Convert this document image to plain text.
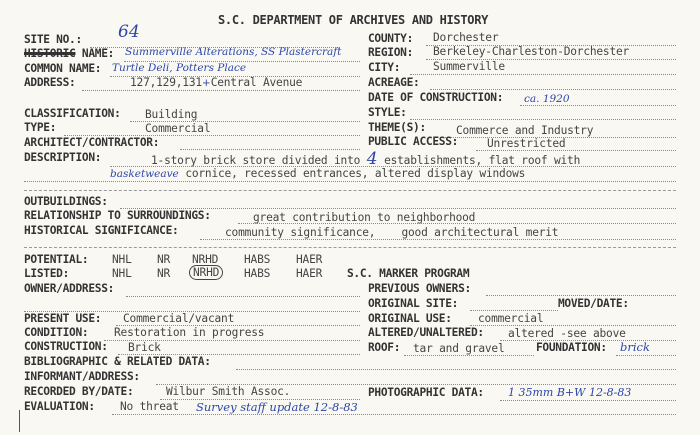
S.C. DEPARTMENT OF ARCHIVES AND HISTORY
SITE NO.: 64
HISTORIC NAME: Summerville Alterations, SS Plastercraft
COMMON NAME: Turtle Deli, Potters Place
ADDRESS:	127,129,131+Central Avenue
COUNTY: Dorchester
REGION: Berkeley-Charleston-Dorchester
CITY:	Summerville
ACREAGE:
DATE OF CONSTRUCTION: ca. 1920
STYLE:
THEME(S):	Commerce and Industry
PUBLIC ACCESS:	Unrestricted
CLASSIFICATION: Building
TYPE:	Commercial
ARCHITECT/CONTRACTOR:
DESCRIPTION:	1-story brick store divided into 4 establishments, flat roof with
basketweave cornice, recessed entrances, altered display windows
OUTBUILDINGS:
RELATIONSHIP TO SURROUNDINGS:	great contribution to neighborhood
HISTORICAL SIGNIFICANCE:	community significance, good architectural merit
POTENTIAL: NHL NR NRHD HABS HAER
LISTED:	NHL NR	NRHD	HABS HAER S.C. MARKER PROGRAM
OWNER/ADDRESS:	PREVIOUS OWNERS:
ORIGINAL SITE:	MOVED/DATE:
PRESENT USE: Commercial/vacant	ORIGINAL USE: commercial
CONDITION: Restoration in progress	ALTERED/UNALTERED: altered -see above
CONSTRUCTION: Brick	ROOF: tar and gravel	FOUNDATION: brick
BIBLIOGRAPHIC & RELATED DATA:
INFORMANT/ADDRESS:
RECORDED BY/DATE:	Wilbur Smith Assoc.	PHOTOGRAPHIC DATA: 1 35mm B+W 12-8-83
EVALUATION: No threat Survey staff update 12-8-83
